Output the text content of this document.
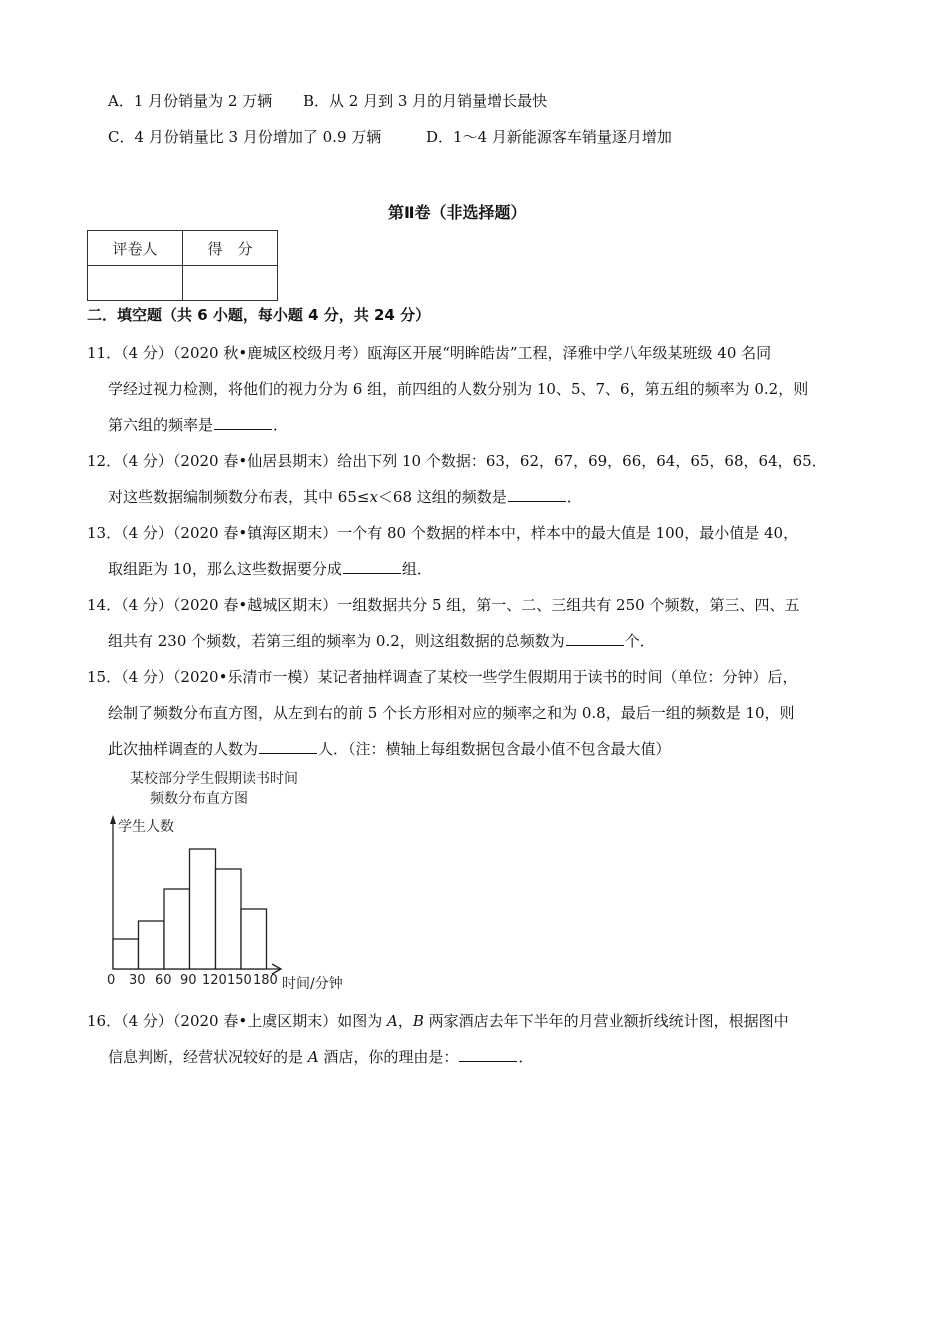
A．1 月份销量为 2 万辆 B．从 2 月到 3 月的月销量增长最快
C．4 月份销量比 3 月份增加了 0.9 万辆	D．1～4 月新能源客车销量逐月增加
第Ⅱ卷（非选择题）
评卷人	得　分

二．填空题（共 6 小题，每小题 4 分，共 24 分）
11．（4 分）（2020 秋•鹿城区校级月考）瓯海区开展“明眸皓齿”工程，泽雅中学八年级某班级 40 名同
学经过视力检测，将他们的视力分为 6 组，前四组的人数分别为 10、5、7、6，第五组的频率为 0.2，则
第六组的频率是	．
12．（4 分）（2020 春•仙居县期末）给出下列 10 个数据：63，62，67，69，66，64，65，68，64，65．
对这些数据编制频数分布表，其中 65≤x＜68 这组的频数是	．
13．（4 分）（2020 春•镇海区期末）一个有 80 个数据的样本中，样本中的最大值是 100，最小值是 40，
取组距为 10，那么这些数据要分成	组．
14．（4 分）（2020 春•越城区期末）一组数据共分 5 组，第一、二、三组共有 250 个频数，第三、四、五
组共有 230 个频数，若第三组的频率为 0.2，则这组数据的总频数为	个．
15．（4 分）（2020•乐清市一模）某记者抽样调查了某校一些学生假期用于读书的时间（单位：分钟）后，
绘制了频数分布直方图，从左到右的前 5 个长方形相对应的频率之和为 0.8，最后一组的频数是 10，则
此次抽样调查的人数为	人．（注：横轴上每组数据包含最小值不包含最大值）
某校部分学生假期读书时间
频数分布直方图
学生人数
0 30 60 90 120 150 180 时间/分钟
16．（4 分）（2020 春•上虞区期末）如图为 A，B 两家酒店去年下半年的月营业额折线统计图，根据图中
信息判断，经营状况较好的是 A 酒店，你的理由是：	．
